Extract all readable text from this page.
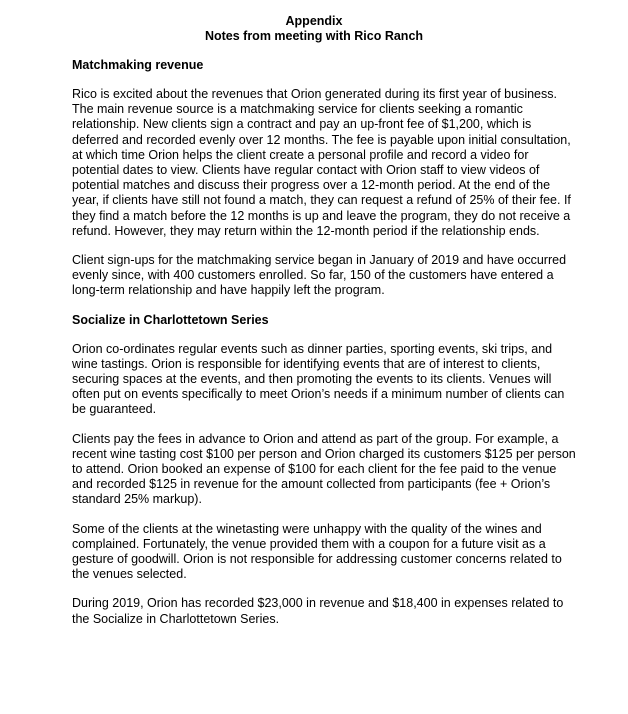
Appendix
Notes from meeting with Rico Ranch
Matchmaking revenue

Rico is excited about the revenues that Orion generated during its first year of business. The main revenue source is a matchmaking service for clients seeking a romantic relationship. New clients sign a contract and pay an up-front fee of $1,200, which is deferred and recorded evenly over 12 months. The fee is payable upon initial consultation, at which time Orion helps the client create a personal profile and record a video for potential dates to view. Clients have regular contact with Orion staff to view videos of potential matches and discuss their progress over a 12-month period. At the end of the year, if clients have still not found a match, they can request a refund of 25% of their fee. If they find a match before the 12 months is up and leave the program, they do not receive a refund. However, they may return within the 12-month period if the relationship ends.

Client sign-ups for the matchmaking service began in January of 2019 and have occurred evenly since, with 400 customers enrolled. So far, 150 of the customers have entered a long-term relationship and have happily left the program.

Socialize in Charlottetown Series

Orion co-ordinates regular events such as dinner parties, sporting events, ski trips, and wine tastings. Orion is responsible for identifying events that are of interest to clients, securing spaces at the events, and then promoting the events to its clients. Venues will often put on events specifically to meet Orion’s needs if a minimum number of clients can be guaranteed.

Clients pay the fees in advance to Orion and attend as part of the group. For example, a recent wine tasting cost $100 per person and Orion charged its customers $125 per person to attend. Orion booked an expense of $100 for each client for the fee paid to the venue and recorded $125 in revenue for the amount collected from participants (fee + Orion’s standard 25% markup).

Some of the clients at the winetasting were unhappy with the quality of the wines and complained. Fortunately, the venue provided them with a coupon for a future visit as a gesture of goodwill. Orion is not responsible for addressing customer concerns related to the venues selected.

During 2019, Orion has recorded $23,000 in revenue and $18,400 in expenses related to the Socialize in Charlottetown Series.
